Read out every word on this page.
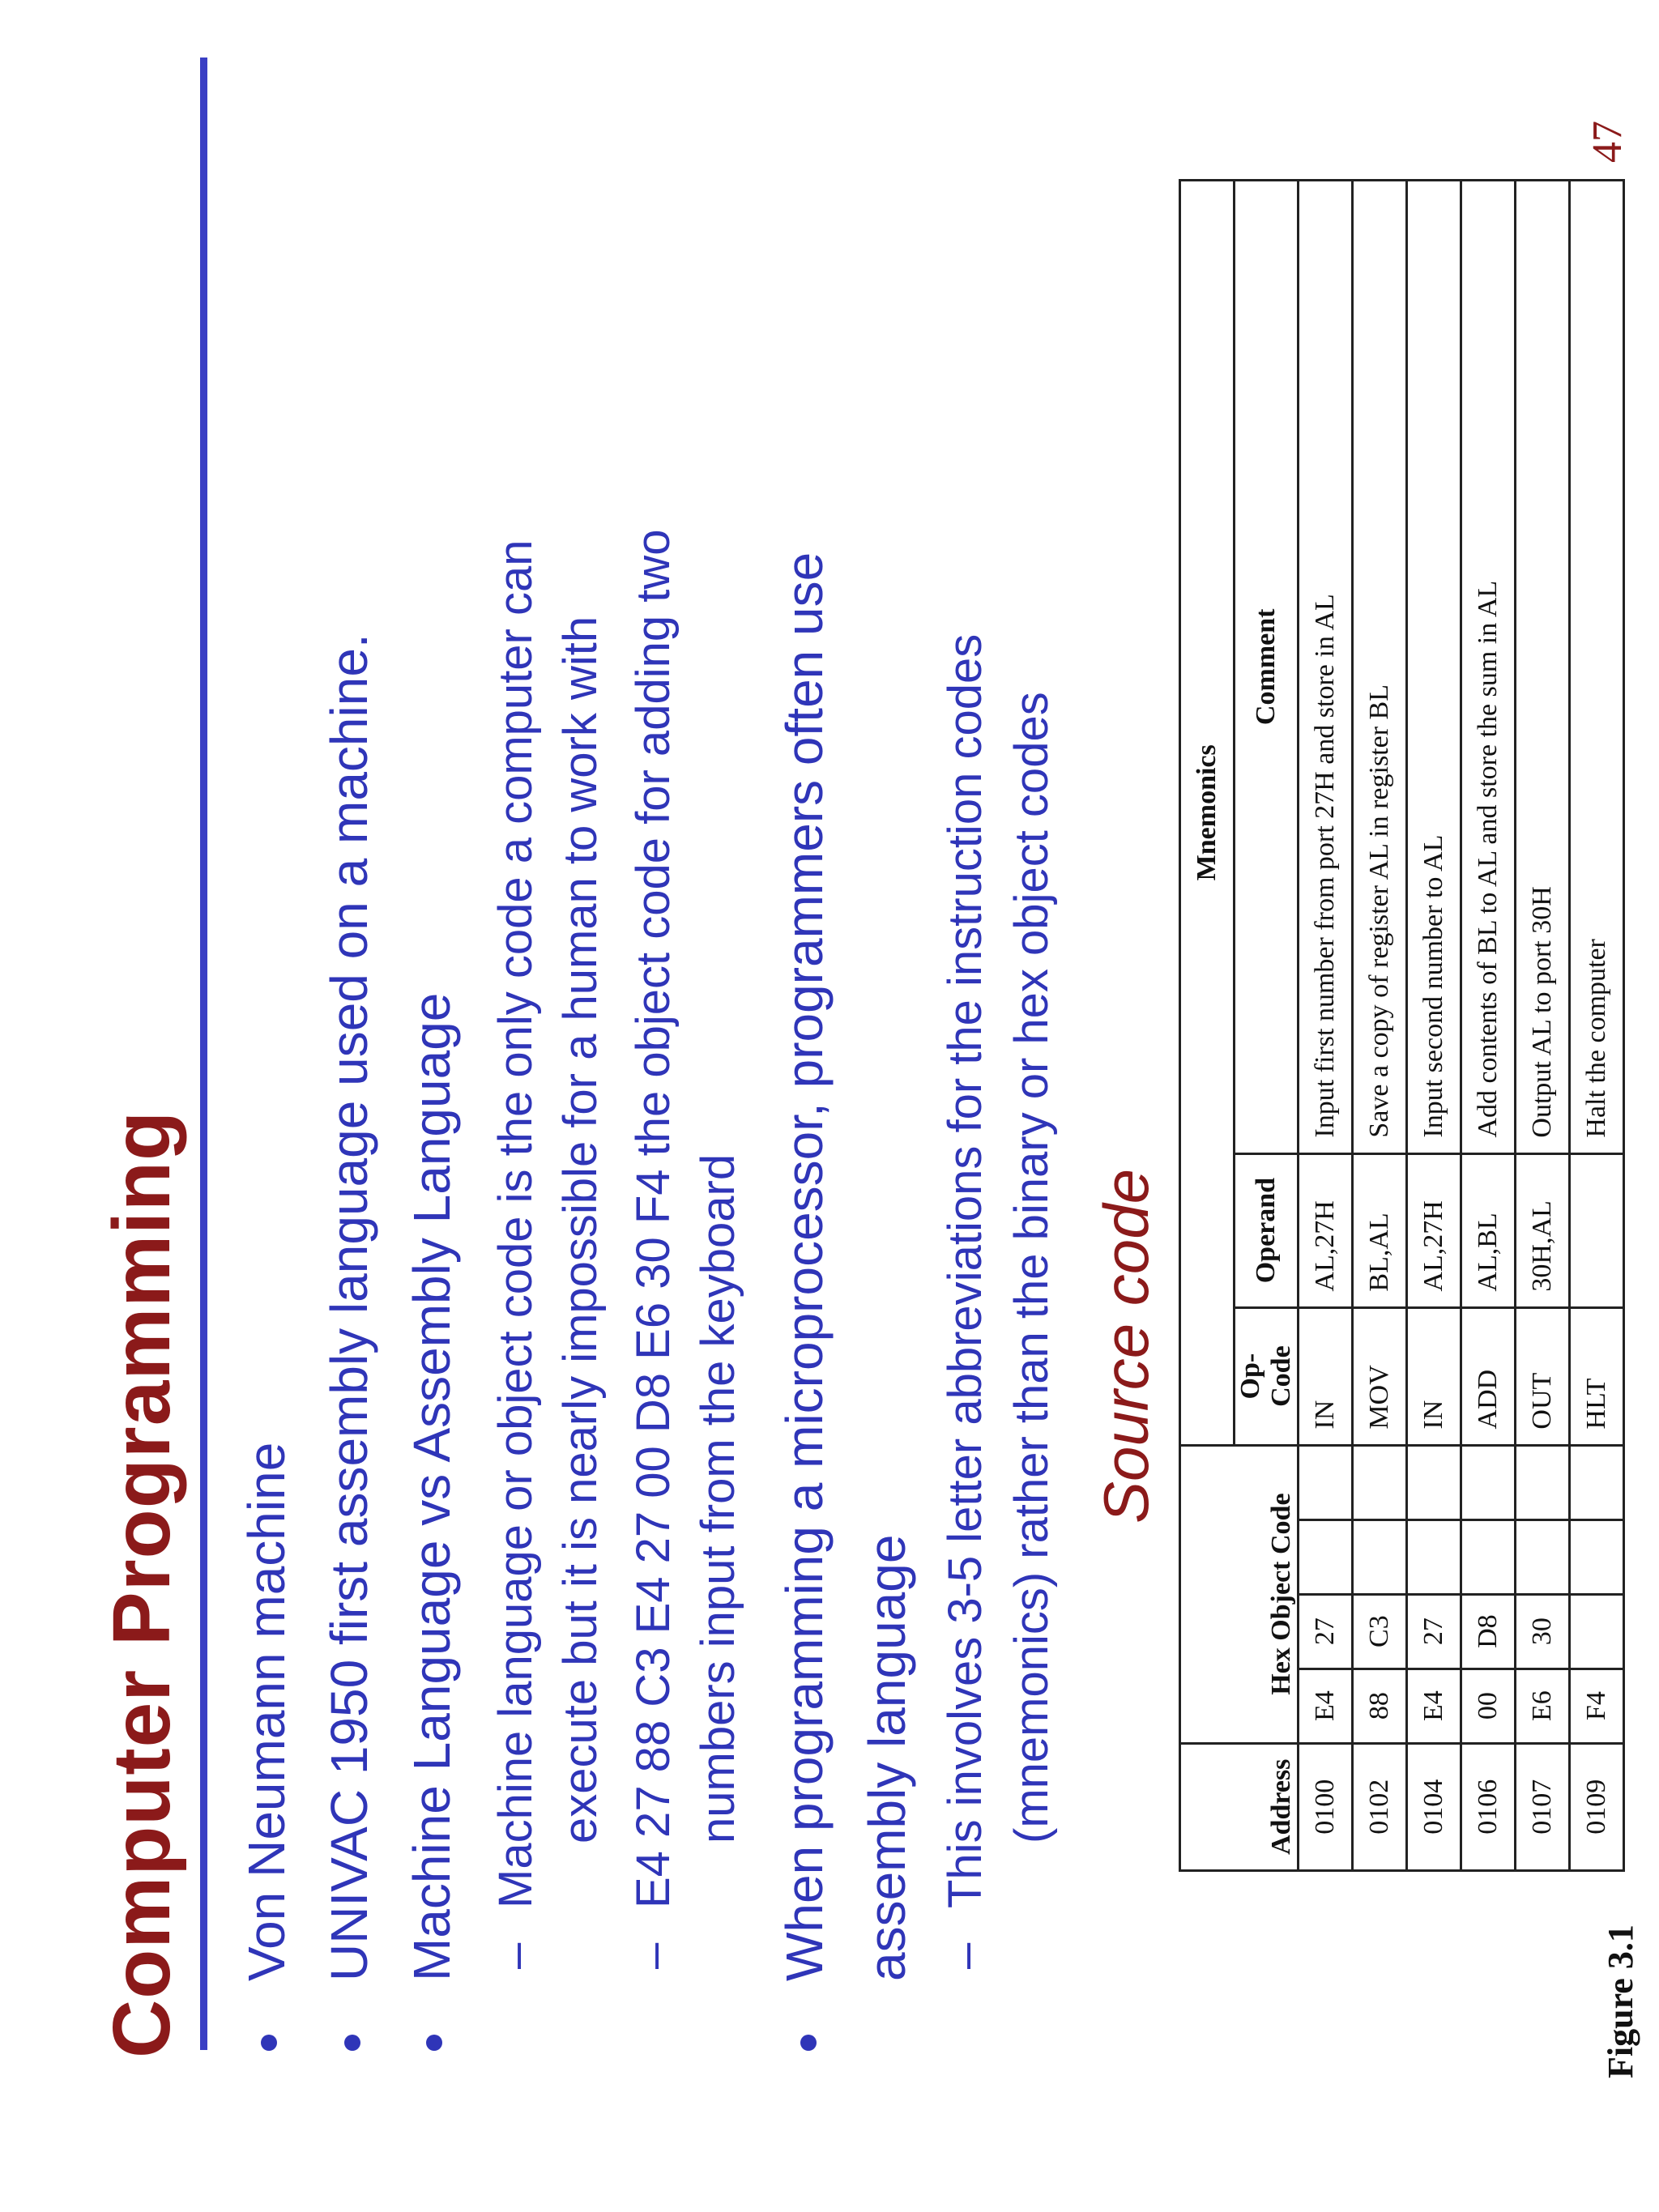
Computer Programming Von Neumann machine UNIVAC 1950 first assembly language used on a machine. Machine Language vs Assembly Language –
Machine language or object code is the only code a computer can execute but it is nearly impossible for a human to work with
–
E4 27 88 C3 E4 27 00 D8 E6 30 F4 the object code for adding two numbers input from the keyboard When programming a microprocessor, programmers often use assembly language –
This involves 3-5 letter abbreviations for the instruction codes (mnemonics) rather than the binary or hex object codes Source code
Address	Hex Object Code				Mnemonics		
					Op-Code	Operand	Comment
0100	E4	27			IN	AL,27H	Input first number from port 27H and store in AL
0102	88	C3			MOV	BL,AL	Save a copy of register AL in register BL
0104	E4	27			IN	AL,27H	Input second number to AL
0106	00	D8			ADD	AL,BL	Add contents of BL to AL and store the sum in AL
0107	E6	30			OUT	30H,AL	Output AL to port 30H
0109	F4				HLT		Halt the computer
Figure 3.1
47
